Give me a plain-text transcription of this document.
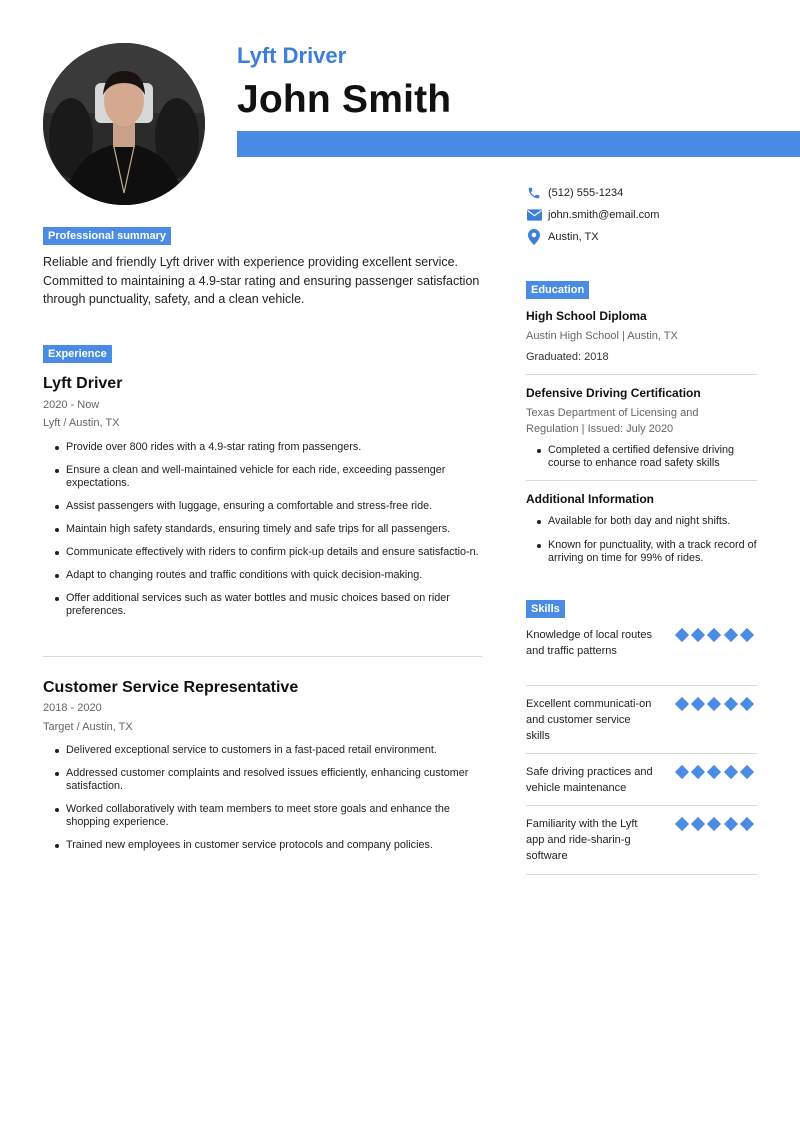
Lyft Driver
John Smith
(512) 555-1234
john.smith@email.com
Austin, TX
Professional summary
Reliable and friendly Lyft driver with experience providing excellent service. Committed to maintaining a 4.9-star rating and ensuring passenger satisfaction through punctuality, safety, and a clean vehicle.
Experience
Lyft Driver
2020 - Now
Lyft / Austin, TX
Provide over 800 rides with a 4.9-star rating from passengers.
Ensure a clean and well-maintained vehicle for each ride, exceeding passenger expectations.
Assist passengers with luggage, ensuring a comfortable and stress-free ride.
Maintain high safety standards, ensuring timely and safe trips for all passengers.
Communicate effectively with riders to confirm pick-up details and ensure satisfactio-n.
Adapt to changing routes and traffic conditions with quick decision-making.
Offer additional services such as water bottles and music choices based on rider preferences.
Customer Service Representative
2018 - 2020
Target / Austin, TX
Delivered exceptional service to customers in a fast-paced retail environment.
Addressed customer complaints and resolved issues efficiently, enhancing customer satisfaction.
Worked collaboratively with team members to meet store goals and enhance the shopping experience.
Trained new employees in customer service protocols and company policies.
Education
High School Diploma
Austin High School | Austin, TX
Graduated: 2018
Defensive Driving Certification
Texas Department of Licensing and Regulation | Issued: July 2020
Completed a certified defensive driving course to enhance road safety skills
Additional Information
Available for both day and night shifts.
Known for punctuality, with a track record of arriving on time for 99% of rides.
Skills
Knowledge of local routes and traffic patterns
Excellent communicati-on and customer service skills
Safe driving practices and vehicle maintenance
Familiarity with the Lyft app and ride-sharin-g software
